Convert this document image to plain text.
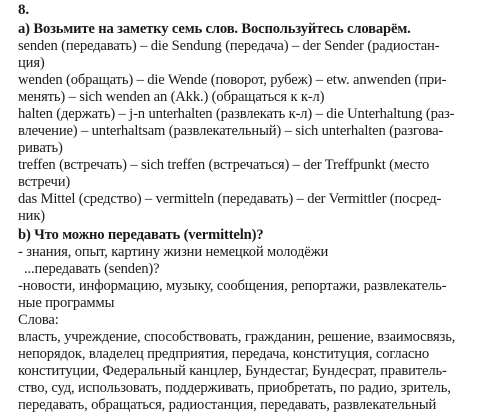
8.
а) Возьмите на заметку семь слов. Воспользуйтесь словарём.
senden (передавать) – die Sendung (передача) – der Sender (радиостан-
ция)
wenden (обращать) – die Wende (поворот, рубеж) – etw. anwenden (при-
менять) – sich wenden an (Akk.) (обращаться к к-л)
halten (держать) – j-n unterhalten (развлекать к-л) – die Unterhaltung (раз-
влечение) – unterhaltsam (развлекательный) – sich unterhalten (разгова-
ривать)
treffen (встречать) – sich treffen (встречаться) – der Treffpunkt (место
встречи)
das Mittel (средство) – vermitteln (передавать) – der Vermittler (посред-
ник)
b) Что можно передавать (vermitteln)?
- знания, опыт, картину жизни немецкой молодёжи
...передавать (senden)?
-новости, информацию, музыку, сообщения, репортажи, развлекатель-
ные программы
Слова:
власть, учреждение, способствовать, гражданин, решение, взаимосвязь,
непорядок, владелец предприятия, передача, конституция, согласно
конституции, Федеральный канцлер, Бундестаг, Бундесрат, правитель-
ство, суд, использовать, поддерживать, приобретать, по радио, зритель,
передавать, обращаться, радиостанция, передавать, развлекательный
